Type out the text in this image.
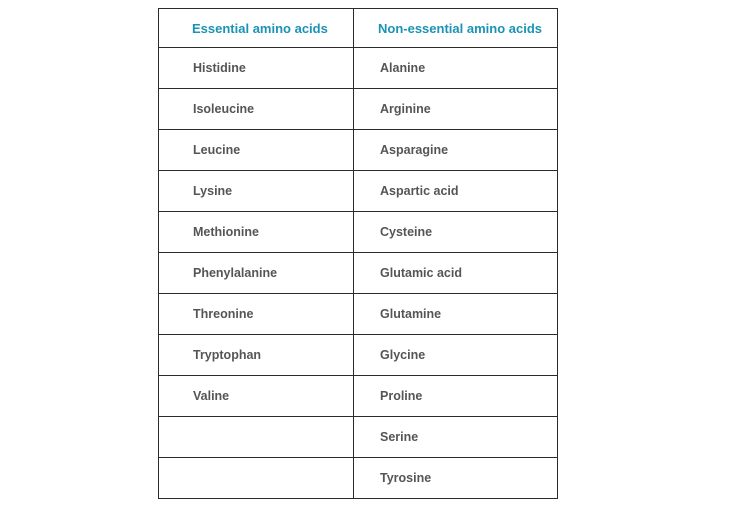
Essential amino acids	Non-essential amino acids
Histidine	Alanine
Isoleucine	Arginine
Leucine	Asparagine
Lysine	Aspartic acid
Methionine	Cysteine
Phenylalanine	Glutamic acid
Threonine	Glutamine
Tryptophan	Glycine
Valine	Proline
	Serine
	Tyrosine
